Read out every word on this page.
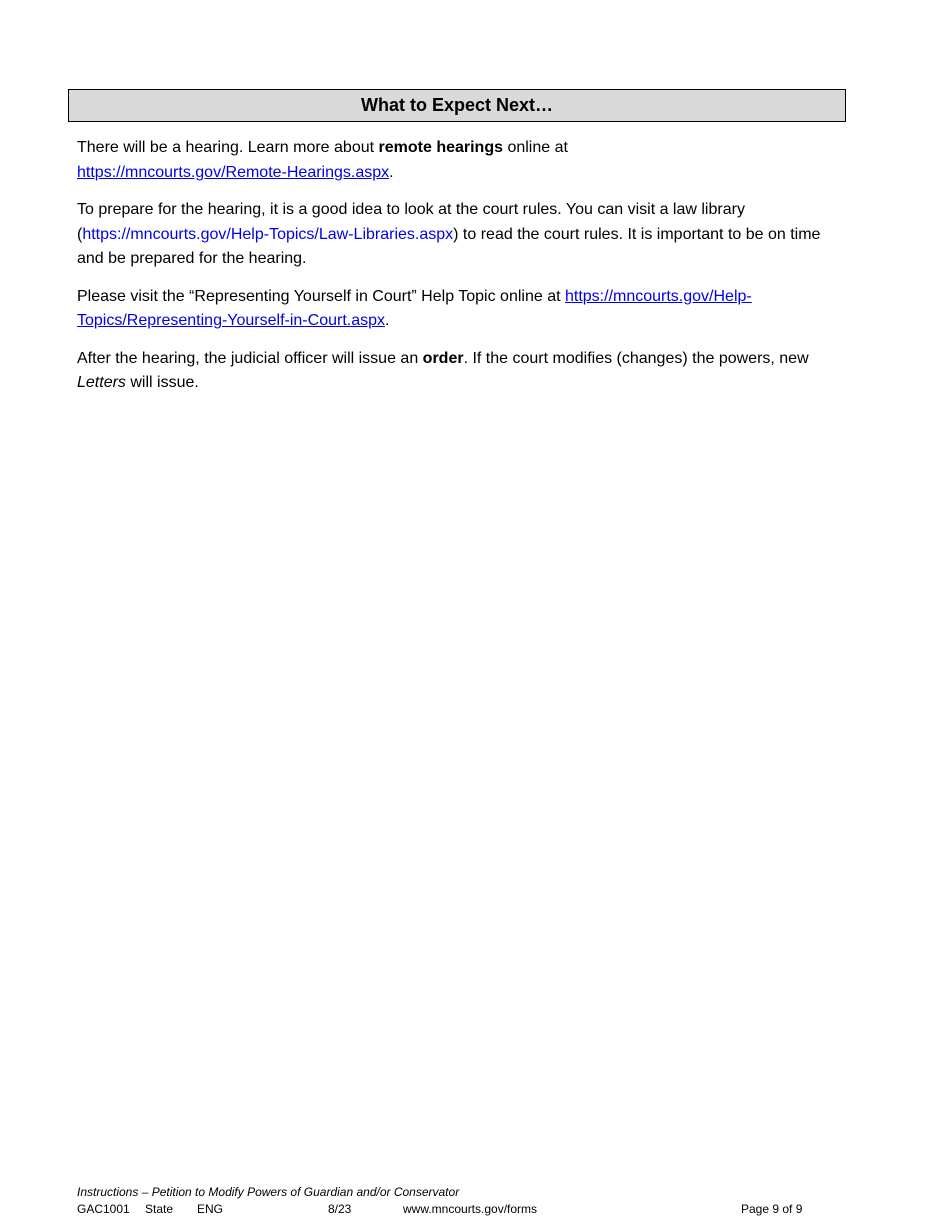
What to Expect Next…

There will be a hearing. Learn more about remote hearings online at
https://mncourts.gov/Remote-Hearings.aspx.

To prepare for the hearing, it is a good idea to look at the court rules. You can visit a law library (https://mncourts.gov/Help-Topics/Law-Libraries.aspx) to read the court rules. It is important to be on time and be prepared for the hearing.

Please visit the “Representing Yourself in Court” Help Topic online at https://mncourts.gov/Help-Topics/Representing-Yourself-in-Court.aspx.

After the hearing, the judicial officer will issue an order. If the court modifies (changes) the powers, new Letters will issue.

Instructions – Petition to Modify Powers of Guardian and/or Conservator
GAC1001 State ENG	8/23	www.mncourts.gov/forms	Page 9 of 9
